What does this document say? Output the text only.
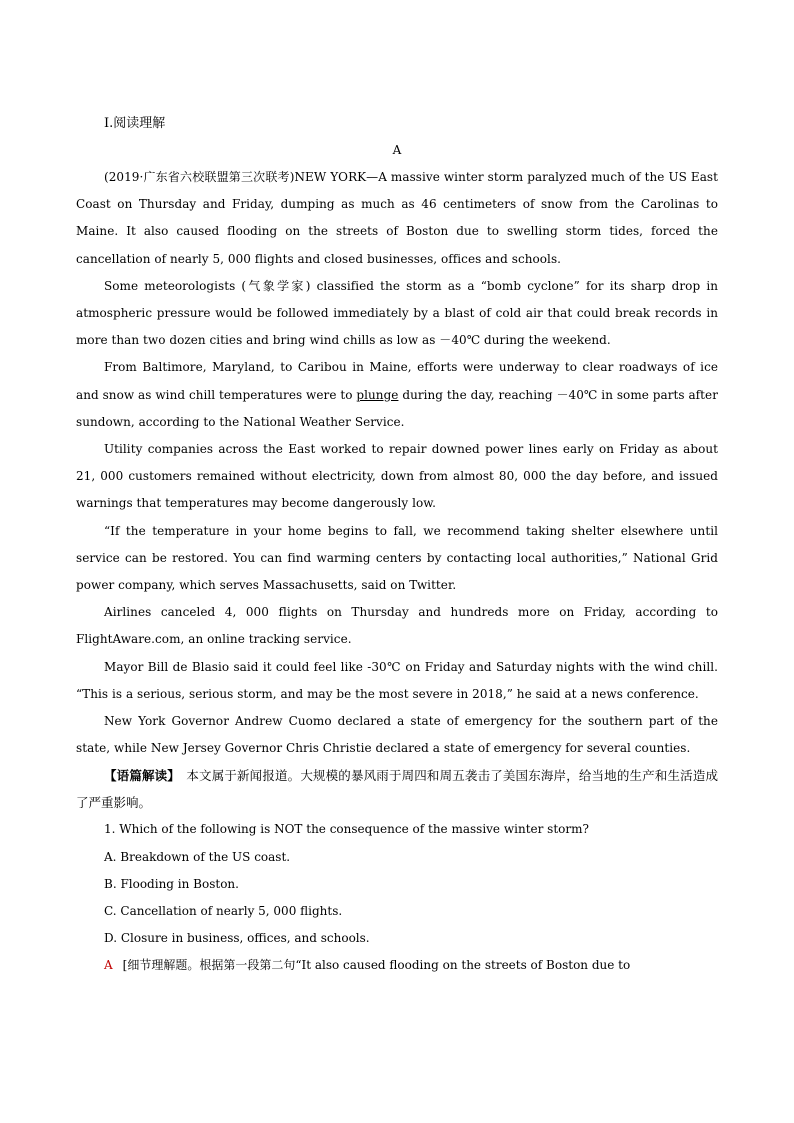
Ⅰ.阅读理解
A

(2019·广东省六校联盟第三次联考)NEW YORK—A massive winter storm paralyzed much of the US East Coast on Thursday and Friday, dumping as much as 46 centimeters of snow from the Carolinas to Maine. It also caused flooding on the streets of Boston due to swelling storm tides, forced the cancellation of nearly 5, 000 flights and closed businesses, offices and schools.

Some meteorologists (气象学家) classified the storm as a “bomb cyclone” for its sharp drop in atmospheric pressure would be followed immediately by a blast of cold air that could break records in more than two dozen cities and bring wind chills as low as －40℃ during the weekend.

From Baltimore, Maryland, to Caribou in Maine, efforts were underway to clear roadways of ice and snow as wind chill temperatures were to plunge during the day, reaching －40℃ in some parts after sundown, according to the National Weather Service.

Utility companies across the East worked to repair downed power lines early on Friday as about 21, 000 customers remained without electricity, down from almost 80, 000 the day before, and issued warnings that temperatures may become dangerously low.

“If the temperature in your home begins to fall, we recommend taking shelter elsewhere until service can be restored. You can find warming centers by contacting local authorities,” National Grid power company, which serves Massachusetts, said on Twitter.

Airlines canceled 4, 000 flights on Thursday and hundreds more on Friday, according to FlightAware.com, an online tracking service.

Mayor Bill de Blasio said it could feel like -30℃ on Friday and Saturday nights with the wind chill. “This is a serious, serious storm, and may be the most severe in 2018,” he said at a news conference.

New York Governor Andrew Cuomo declared a state of emergency for the southern part of the state, while New Jersey Governor Chris Christie declared a state of emergency for several counties.

【语篇解读】　本文属于新闻报道。大规模的暴风雨于周四和周五袭击了美国东海岸，给当地的生产和生活造成了严重影响。

1. Which of the following is NOT the consequence of the massive winter storm?

A. Breakdown of the US coast.

B. Flooding in Boston.

C. Cancellation of nearly 5, 000 flights.

D. Closure in business, offices, and schools.

A [细节理解题。根据第一段第二句“It also caused flooding on the streets of Boston due to
